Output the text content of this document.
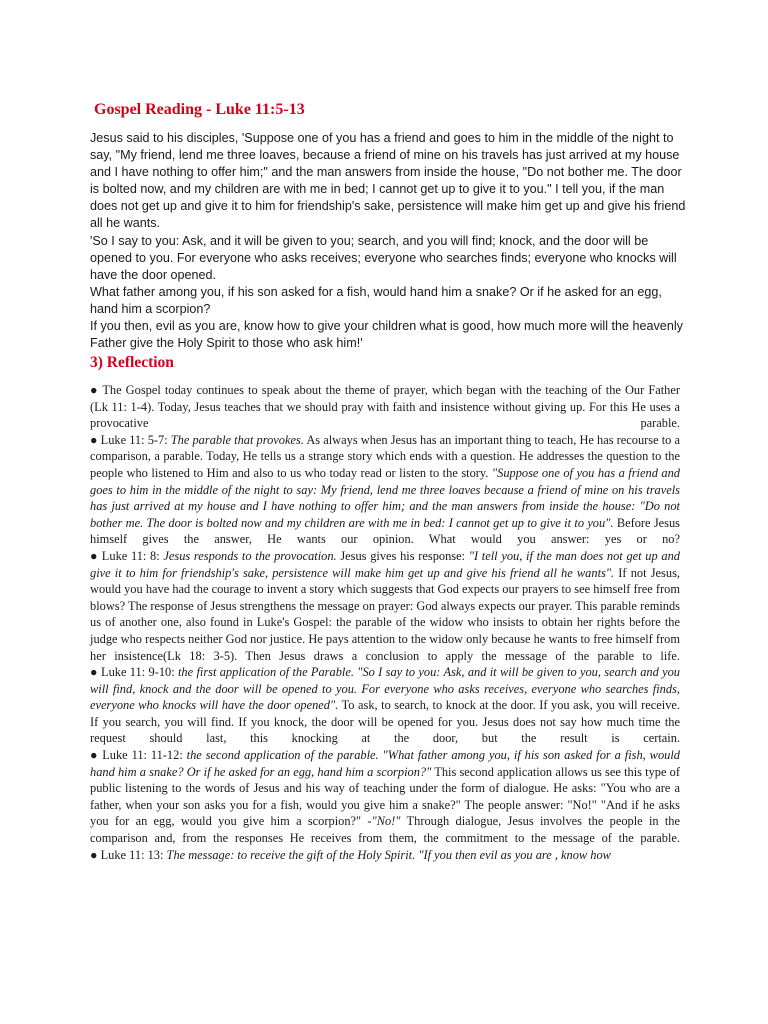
Gospel Reading - Luke 11:5-13

Jesus said to his disciples, 'Suppose one of you has a friend and goes to him in the middle of the night to say, "My friend, lend me three loaves, because a friend of mine on his travels has just arrived at my house and I have nothing to offer him;" and the man answers from inside the house, "Do not bother me. The door is bolted now, and my children are with me in bed; I cannot get up to give it to you." I tell you, if the man does not get up and give it to him for friendship's sake, persistence will make him get up and give his friend all he wants.

'So I say to you: Ask, and it will be given to you; search, and you will find; knock, and the door will be opened to you. For everyone who asks receives; everyone who searches finds; everyone who knocks will have the door opened.

What father among you, if his son asked for a fish, would hand him a snake? Or if he asked for an egg, hand him a scorpion?

If you then, evil as you are, know how to give your children what is good, how much more will the heavenly Father give the Holy Spirit to those who ask him!'

3) Reflection

● The Gospel today continues to speak about the theme of prayer, which began with the teaching of the Our Father (Lk 11: 1-4). Today, Jesus teaches that we should pray with faith and insistence without giving up. For this He uses a provocative parable.

● Luke 11: 5-7: The parable that provokes. As always when Jesus has an important thing to teach, He has recourse to a comparison, a parable. Today, He tells us a strange story which ends with a question. He addresses the question to the people who listened to Him and also to us who today read or listen to the story. "Suppose one of you has a friend and goes to him in the middle of the night to say: My friend, lend me three loaves because a friend of mine on his travels has just arrived at my house and I have nothing to offer him; and the man answers from inside the house: "Do not bother me. The door is bolted now and my children are with me in bed: I cannot get up to give it to you". Before Jesus himself gives the answer, He wants our opinion. What would you answer: yes or no?

● Luke 11: 8: Jesus responds to the provocation. Jesus gives his response: "I tell you, if the man does not get up and give it to him for friendship's sake, persistence will make him get up and give his friend all he wants". If not Jesus, would you have had the courage to invent a story which suggests that God expects our prayers to see himself free from blows? The response of Jesus strengthens the message on prayer: God always expects our prayer. This parable reminds us of another one, also found in Luke's Gospel: the parable of the widow who insists to obtain her rights before the judge who respects neither God nor justice. He pays attention to the widow only because he wants to free himself from her insistence(Lk 18: 3-5). Then Jesus draws a conclusion to apply the message of the parable to life.

● Luke 11: 9-10: the first application of the Parable. "So I say to you: Ask, and it will be given to you, search and you will find, knock and the door will be opened to you. For everyone who asks receives, everyone who searches finds, everyone who knocks will have the door opened". To ask, to search, to knock at the door. If you ask, you will receive. If you search, you will find. If you knock, the door will be opened for you. Jesus does not say how much time the request should last, this knocking at the door, but the result is certain.

● Luke 11: 11-12: the second application of the parable. "What father among you, if his son asked for a fish, would hand him a snake? Or if he asked for an egg, hand him a scorpion?" This second application allows us see this type of public listening to the words of Jesus and his way of teaching under the form of dialogue. He asks: "You who are a father, when your son asks you for a fish, would you give him a snake?" The people answer: "No!" "And if he asks you for an egg, would you give him a scorpion?" -"No!" Through dialogue, Jesus involves the people in the comparison and, from the responses He receives from them, the commitment to the message of the parable.

● Luke 11: 13: The message: to receive the gift of the Holy Spirit. "If you then evil as you are , know how
